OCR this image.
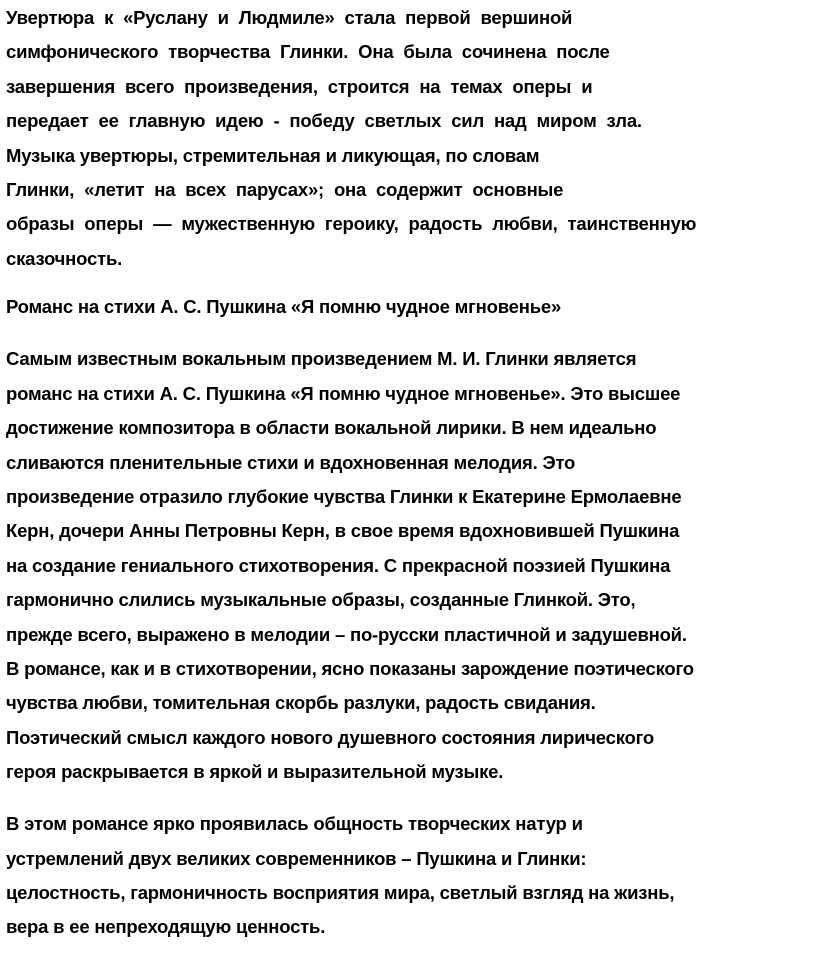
Увертюра к «Руслану и Людмиле» стала первой вершиной
симфонического творчества Глинки. Она была сочинена после
завершения всего произведения, строится на темах оперы и
передает ее главную идею - победу светлых сил над миром зла.
Музыка увертюры, стремительная и ликующая, по словам
Глинки, «летит на всех парусах»; она содержит основные
образы оперы — мужественную героику, радость любви, таинственную
сказочность.
Романс на стихи А. С. Пушкина «Я помню чудное мгновенье»
Самым известным вокальным произведением М. И. Глинки является
романс на стихи А. С. Пушкина «Я помню чудное мгновенье». Это высшее
достижение композитора в области вокальной лирики. В нем идеально
сливаются пленительные стихи и вдохновенная мелодия. Это
произведение отразило глубокие чувства Глинки к Екатерине Ермолаевне
Керн, дочери Анны Петровны Керн, в свое время вдохновившей Пушкина
на создание гениального стихотворения. С прекрасной поэзией Пушкина
гармонично слились музыкальные образы, созданные Глинкой. Это,
прежде всего, выражено в мелодии – по-русски пластичной и задушевной.
В романсе, как и в стихотворении, ясно показаны зарождение поэтического
чувства любви, томительная скорбь разлуки, радость свидания.
Поэтический смысл каждого нового душевного состояния лирического
героя раскрывается в яркой и выразительной музыке.
В этом романсе ярко проявилась общность творческих натур и
устремлений двух великих современников – Пушкина и Глинки:
целостность, гармоничность восприятия мира, светлый взгляд на жизнь,
вера в ее непреходящую ценность.
